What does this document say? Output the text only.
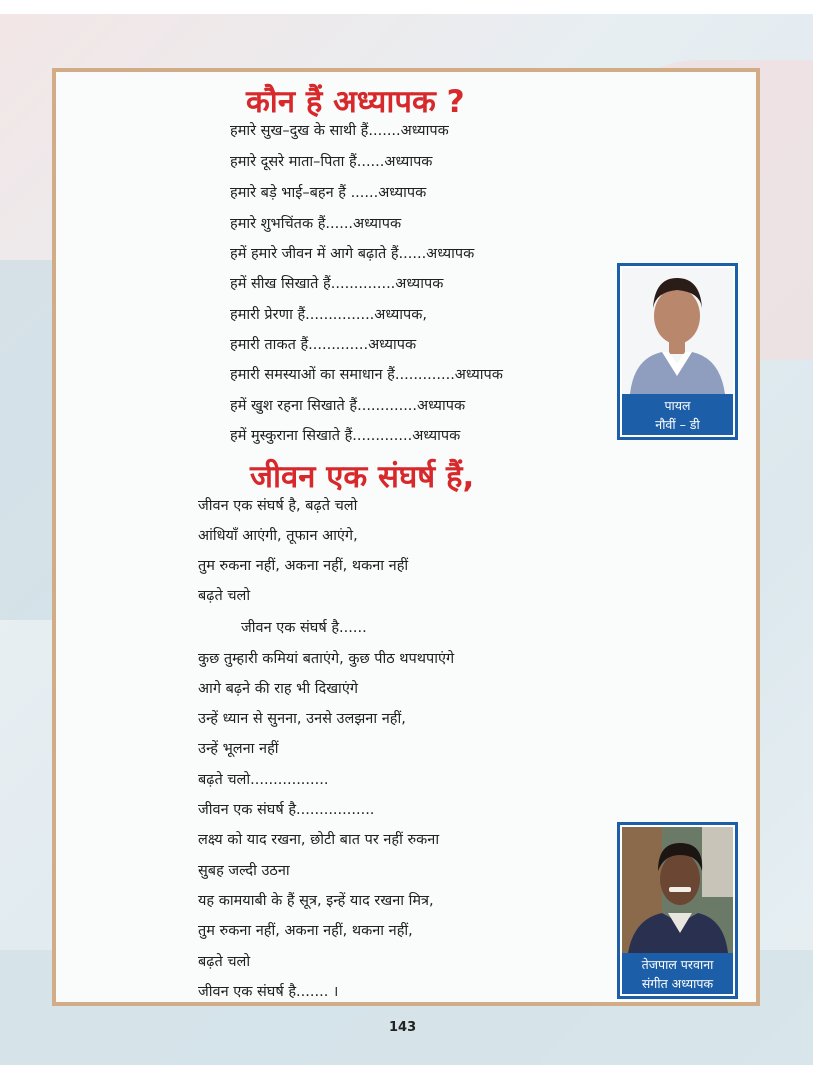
कौन हैं अध्यापक ?
हमारे सुख–दुख के साथी हैं.......अध्यापक
हमारे दूसरे माता–पिता हैं......अध्यापक
हमारे बड़े भाई–बहन हैं ......अध्यापक
हमारे शुभचिंतक हैं......अध्यापक
हमें हमारे जीवन में आगे बढ़ाते हैं......अध्यापक
हमें सीख सिखाते हैं..............अध्यापक
हमारी प्रेरणा हैं...............अध्यापक,
हमारी ताकत हैं.............अध्यापक
हमारी समस्याओं का समाधान हैं.............अध्यापक
हमें खुश रहना सिखाते हैं.............अध्यापक
हमें मुस्कुराना सिखाते हैं.............अध्यापक
पायल
नौवीं – डी
जीवन एक संघर्ष हैं,
जीवन एक संघर्ष है, बढ़ते चलो
आंधियाँ आएंगी, तूफान आएंगे,
तुम रुकना नहीं, अकना नहीं, थकना नहीं
बढ़ते चलो
जीवन एक संघर्ष है......
कुछ तुम्हारी कमियां बताएंगे, कुछ पीठ थपथपाएंगे
आगे बढ़ने की राह भी दिखाएंगे
उन्हें ध्यान से सुनना, उनसे उलझना नहीं,
उन्हें भूलना नहीं
बढ़ते चलो.................
जीवन एक संघर्ष है.................
लक्ष्य को याद रखना, छोटी बात पर नहीं रुकना
सुबह जल्दी उठना
यह कामयाबी के हैं सूत्र, इन्हें याद रखना मित्र,
तुम रुकना नहीं, अकना नहीं, थकना नहीं,
बढ़ते चलो
जीवन एक संघर्ष है....... ।
तेजपाल परवाना
संगीत अध्यापक
143
